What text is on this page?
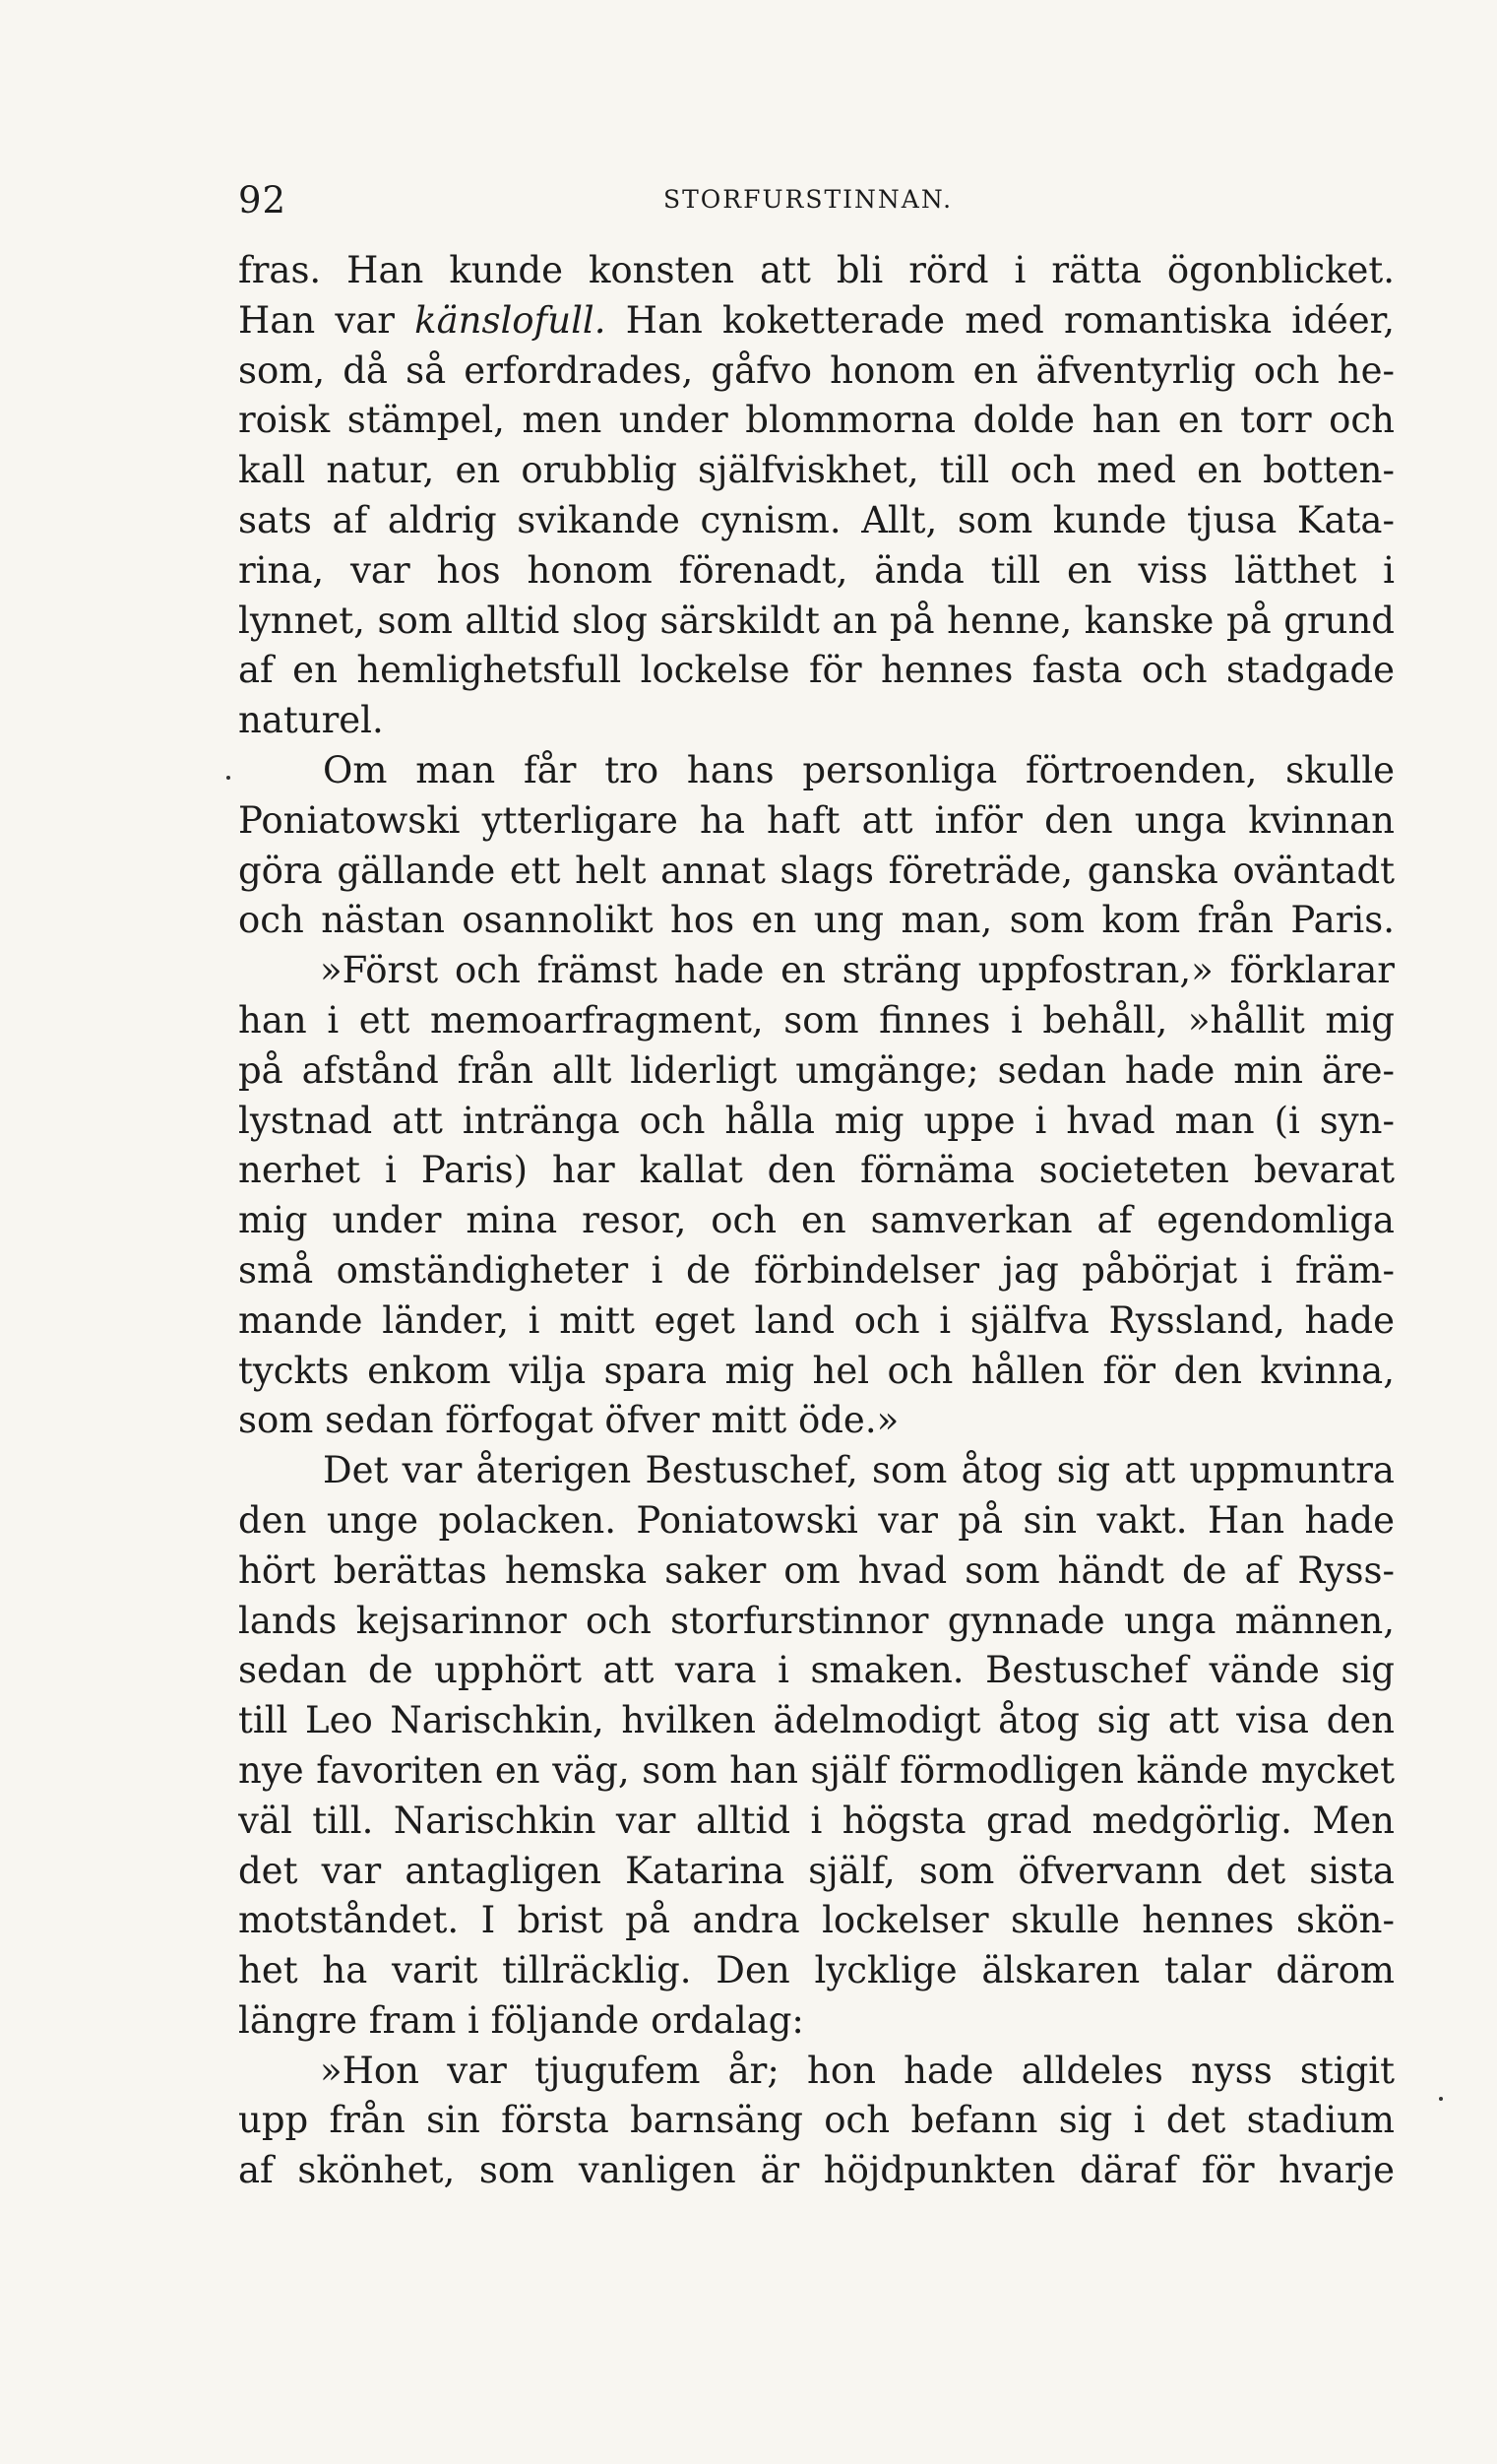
92	STORFURSTINNAN.
fras. Han kunde konsten att bli rörd i rätta ögonblicket.
Han var känslofull. Han koketterade med romantiska idéer,
som, då så erfordrades, gåfvo honom en äfventyrlig och he-
roisk stämpel, men under blommorna dolde han en torr och
kall natur, en orubblig själfviskhet, till och med en botten-
sats af aldrig svikande cynism. Allt, som kunde tjusa Kata-
rina, var hos honom förenadt, ända till en viss lätthet i
lynnet, som alltid slog särskildt an på henne, kanske på grund
af en hemlighetsfull lockelse för hennes fasta och stadgade
naturel.
Om man får tro hans personliga förtroenden, skulle
Poniatowski ytterligare ha haft att inför den unga kvinnan
göra gällande ett helt annat slags företräde, ganska oväntadt
och nästan osannolikt hos en ung man, som kom från Paris.
»Först och främst hade en sträng uppfostran,» förklarar
han i ett memoarfragment, som finnes i behåll, »hållit mig
på afstånd från allt liderligt umgänge; sedan hade min äre-
lystnad att intränga och hålla mig uppe i hvad man (i syn-
nerhet i Paris) har kallat den förnäma societeten bevarat
mig under mina resor, och en samverkan af egendomliga
små omständigheter i de förbindelser jag påbörjat i främ-
mande länder, i mitt eget land och i själfva Ryssland, hade
tyckts enkom vilja spara mig hel och hållen för den kvinna,
som sedan förfogat öfver mitt öde.»
Det var återigen Bestuschef, som åtog sig att uppmuntra
den unge polacken. Poniatowski var på sin vakt. Han hade
hört berättas hemska saker om hvad som händt de af Ryss-
lands kejsarinnor och storfurstinnor gynnade unga männen,
sedan de upphört att vara i smaken. Bestuschef vände sig
till Leo Narischkin, hvilken ädelmodigt åtog sig att visa den
nye favoriten en väg, som han själf förmodligen kände mycket
väl till. Narischkin var alltid i högsta grad medgörlig. Men
det var antagligen Katarina själf, som öfvervann det sista
motståndet. I brist på andra lockelser skulle hennes skön-
het ha varit tillräcklig. Den lycklige älskaren talar därom
längre fram i följande ordalag:
»Hon var tjugufem år; hon hade alldeles nyss stigit
upp från sin första barnsäng och befann sig i det stadium
af skönhet, som vanligen är höjdpunkten däraf för hvarje
